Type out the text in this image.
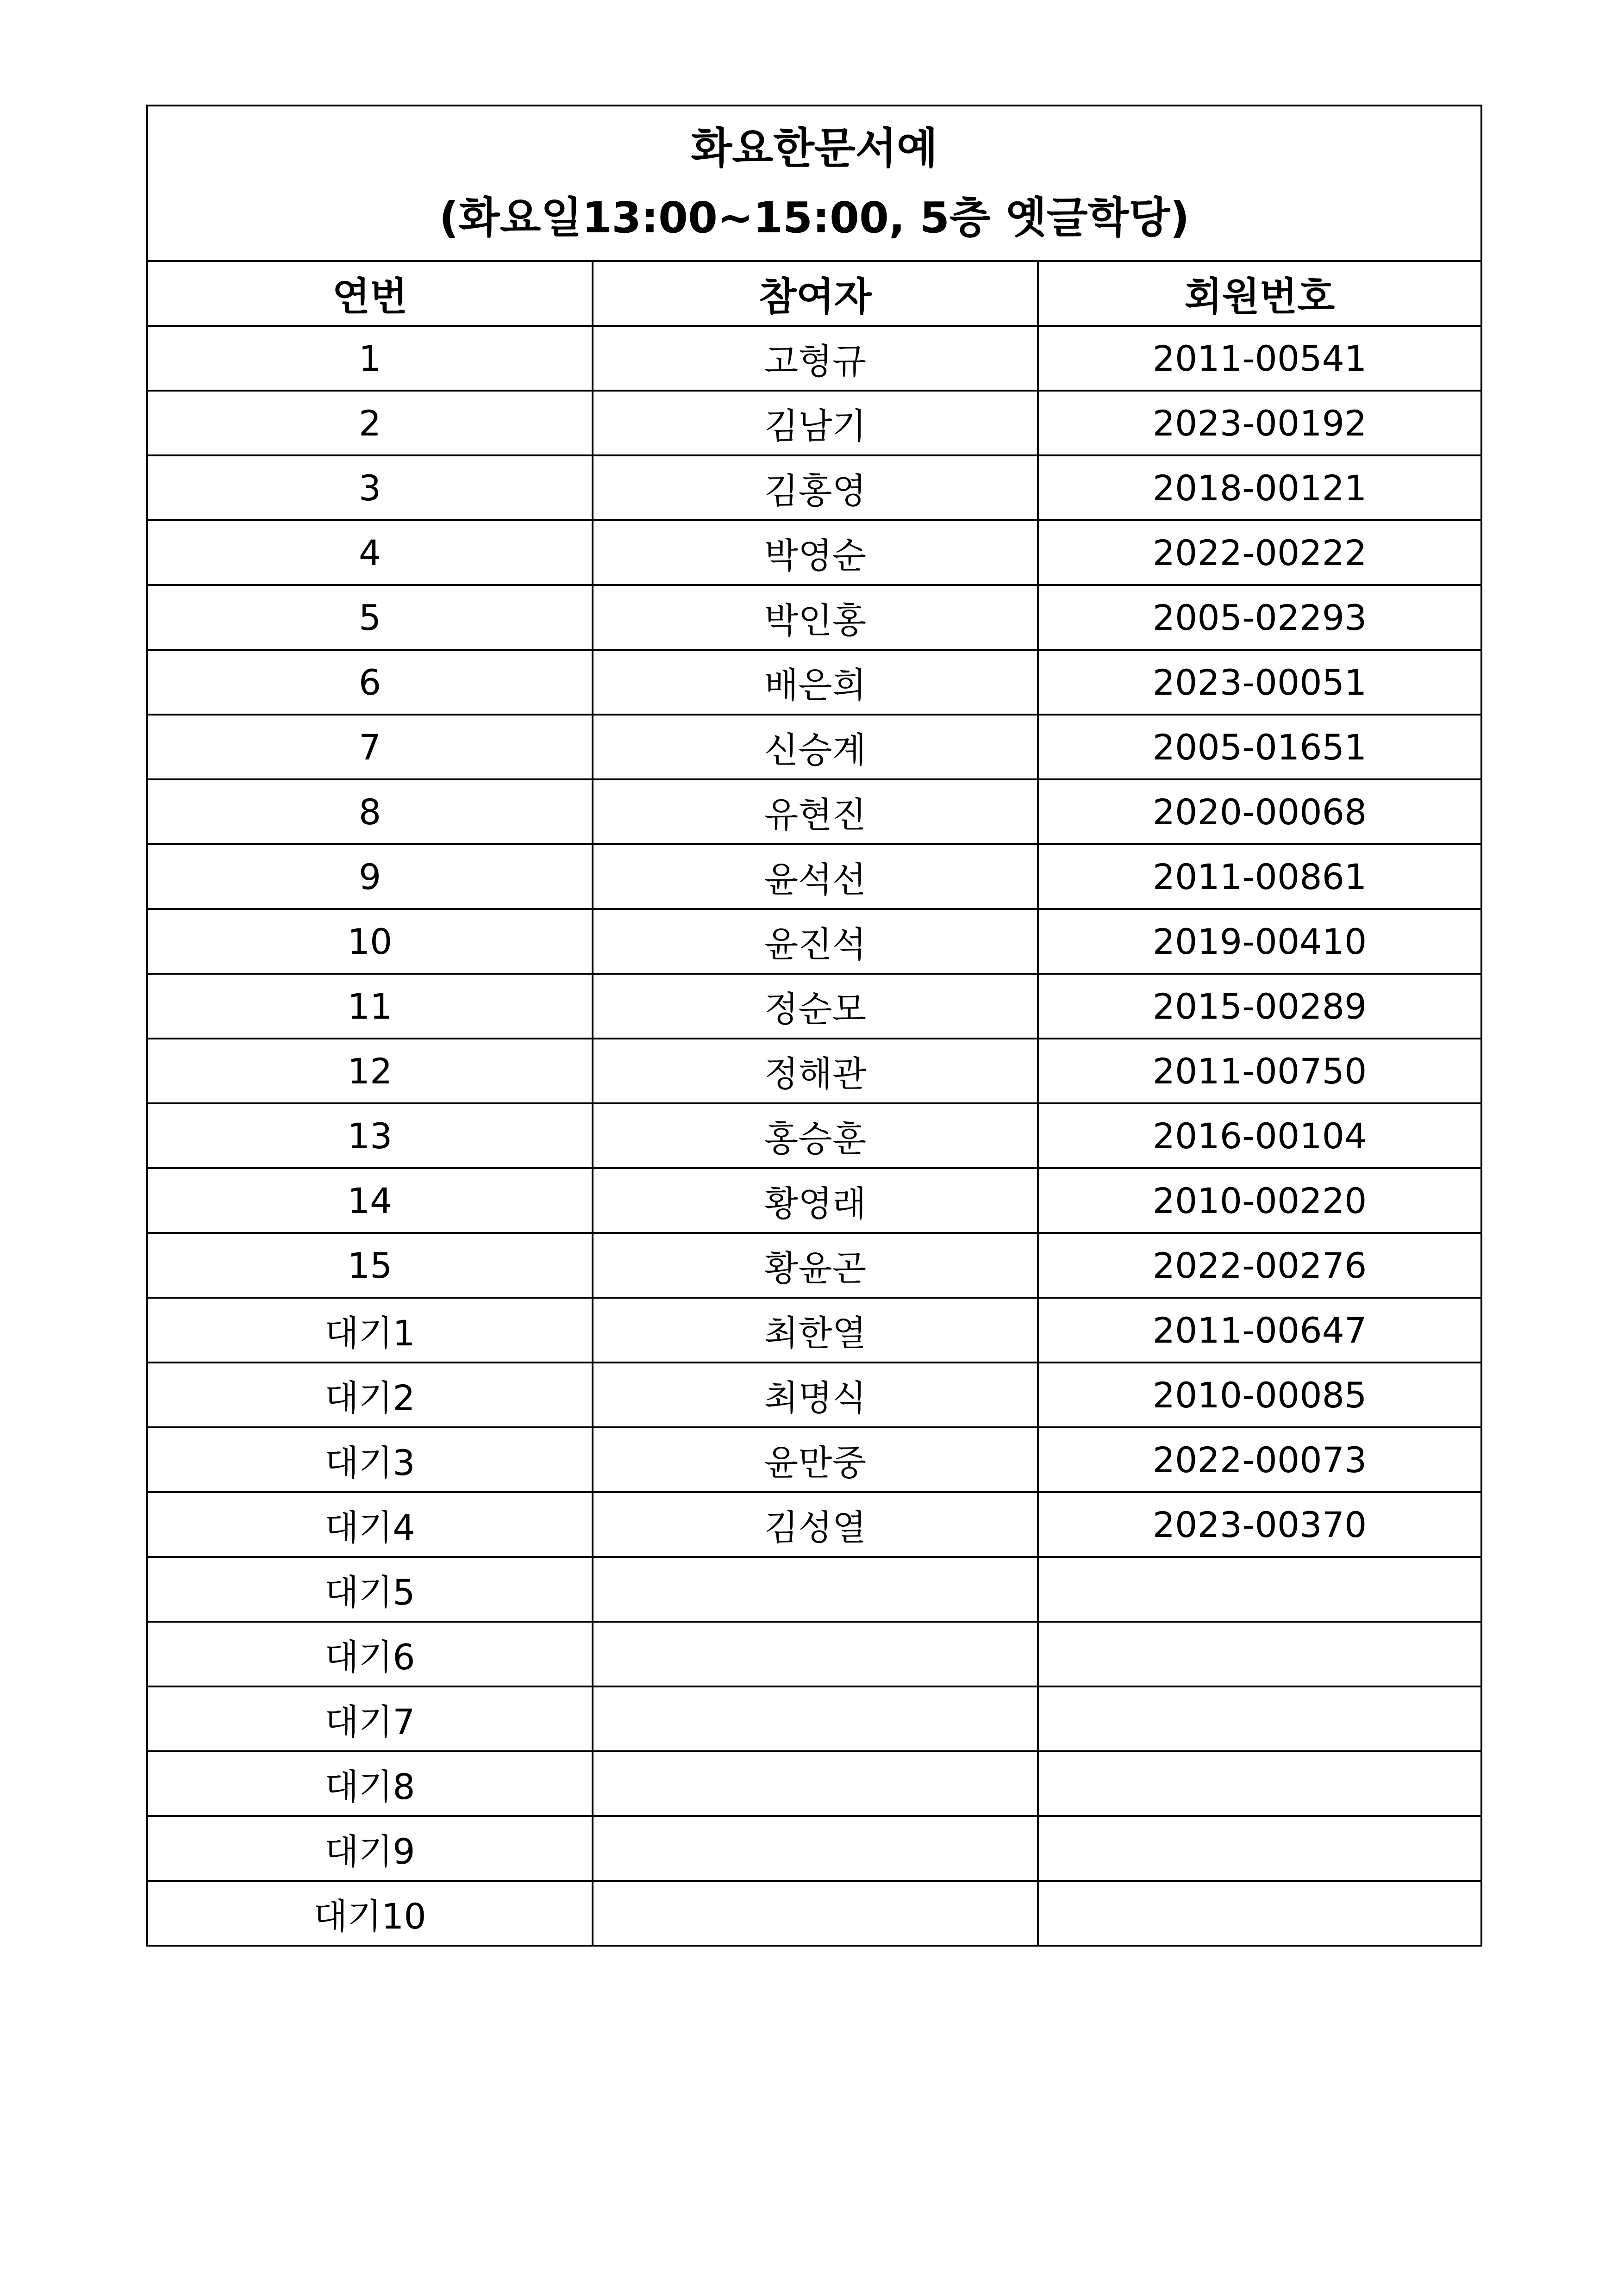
화요한문서예
(화요일13:00~15:00, 5층 옛글학당)		

연번	참여자	회원번호
1	고형규	2011-00541
2	김남기	2023-00192
3	김홍영	2018-00121
4	박영순	2022-00222
5	박인홍	2005-02293
6	배은희	2023-00051
7	신승계	2005-01651
8	유현진	2020-00068
9	윤석선	2011-00861
10	윤진석	2019-00410
11	정순모	2015-00289
12	정해관	2011-00750
13	홍승훈	2016-00104
14	황영래	2010-00220
15	황윤곤	2022-00276
대기1	최한열	2011-00647
대기2	최명식	2010-00085
대기3	윤만중	2022-00073
대기4	김성열	2023-00370
대기5		
대기6		
대기7		
대기8		
대기9		
대기10		
